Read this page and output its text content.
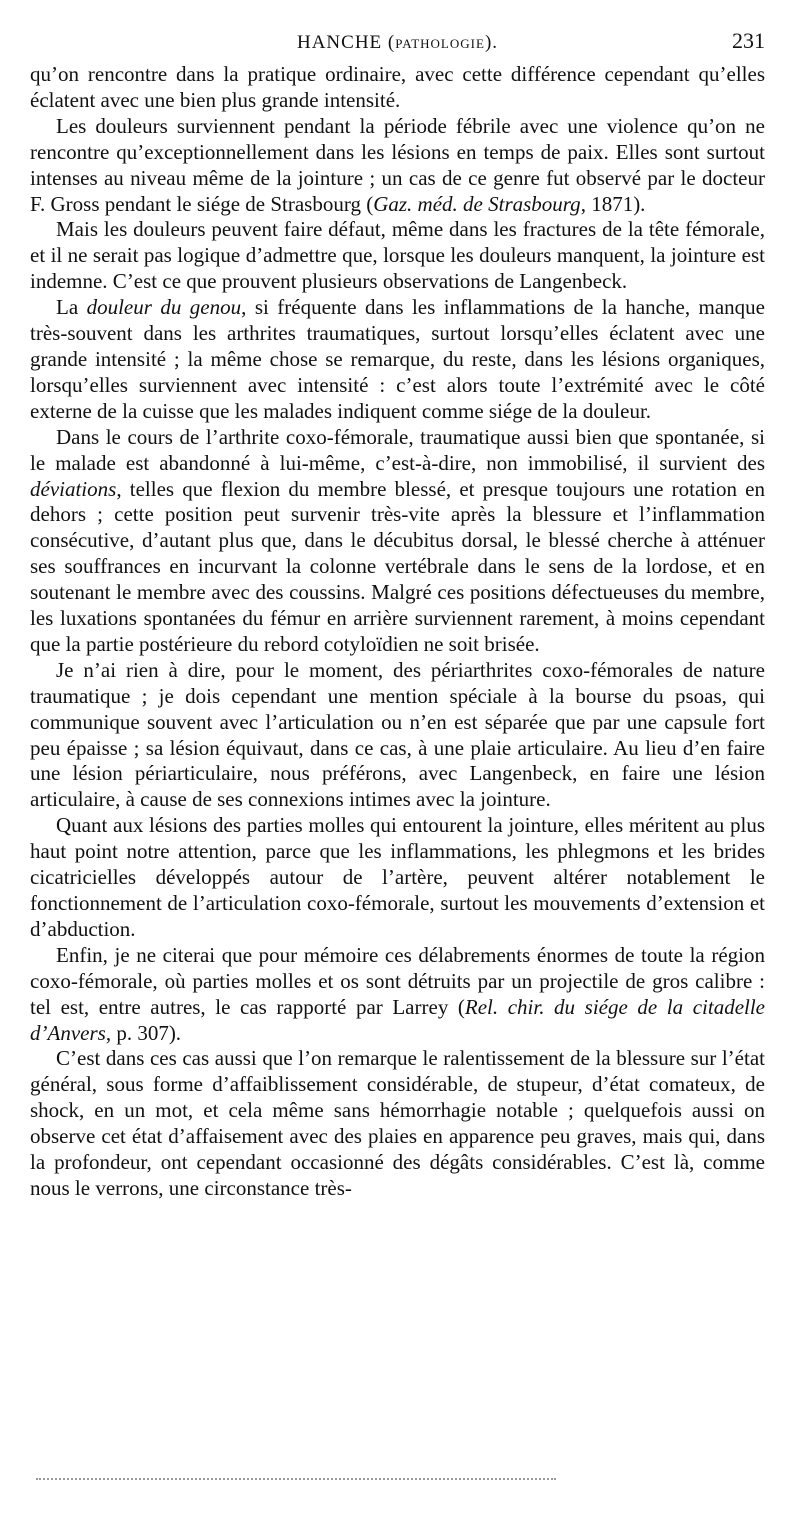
HANCHE (PATHOLOGIE).	231

qu’on rencontre dans la pratique ordinaire, avec cette différence cependant qu’elles éclatent avec une bien plus grande intensité.

Les douleurs surviennent pendant la période fébrile avec une violence qu’on ne rencontre qu’exceptionnellement dans les lésions en temps de paix. Elles sont surtout intenses au niveau même de la jointure ; un cas de ce genre fut observé par le docteur F. Gross pendant le siége de Strasbourg (Gaz. méd. de Strasbourg, 1871).

Mais les douleurs peuvent faire défaut, même dans les fractures de la tête fémorale, et il ne serait pas logique d’admettre que, lorsque les douleurs manquent, la jointure est indemne. C’est ce que prouvent plusieurs observations de Langenbeck.

La douleur du genou, si fréquente dans les inflammations de la hanche, manque très-souvent dans les arthrites traumatiques, surtout lorsqu’elles éclatent avec une grande intensité ; la même chose se remarque, du reste, dans les lésions organiques, lorsqu’elles surviennent avec intensité : c’est alors toute l’extrémité avec le côté externe de la cuisse que les malades indiquent comme siége de la douleur.

Dans le cours de l’arthrite coxo-fémorale, traumatique aussi bien que spontanée, si le malade est abandonné à lui-même, c’est-à-dire, non immobilisé, il survient des déviations, telles que flexion du membre blessé, et presque toujours une rotation en dehors ; cette position peut survenir très-vite après la blessure et l’inflammation consécutive, d’autant plus que, dans le décubitus dorsal, le blessé cherche à atténuer ses souffrances en incurvant la colonne vertébrale dans le sens de la lordose, et en soutenant le membre avec des coussins. Malgré ces positions défectueuses du membre, les luxations spontanées du fémur en arrière surviennent rarement, à moins cependant que la partie postérieure du rebord cotyloïdien ne soit brisée.

Je n’ai rien à dire, pour le moment, des périarthrites coxo-fémorales de nature traumatique ; je dois cependant une mention spéciale à la bourse du psoas, qui communique souvent avec l’articulation ou n’en est séparée que par une capsule fort peu épaisse ; sa lésion équivaut, dans ce cas, à une plaie articulaire. Au lieu d’en faire une lésion périarticulaire, nous préférons, avec Langenbeck, en faire une lésion articulaire, à cause de ses connexions intimes avec la jointure.

Quant aux lésions des parties molles qui entourent la jointure, elles méritent au plus haut point notre attention, parce que les inflammations, les phlegmons et les brides cicatricielles développés autour de l’artère, peuvent altérer notablement le fonctionnement de l’articulation coxo-fémorale, surtout les mouvements d’extension et d’abduction.

Enfin, je ne citerai que pour mémoire ces délabrements énormes de toute la région coxo-fémorale, où parties molles et os sont détruits par un projectile de gros calibre : tel est, entre autres, le cas rapporté par Larrey (Rel. chir. du siége de la citadelle d’Anvers, p. 307).

C’est dans ces cas aussi que l’on remarque le ralentissement de la blessure sur l’état général, sous forme d’affaiblissement considérable, de stupeur, d’état comateux, de shock, en un mot, et cela même sans hémorrhagie notable ; quelquefois aussi on observe cet état d’affaisement avec des plaies en apparence peu graves, mais qui, dans la profondeur, ont cependant occasionné des dégâts considérables. C’est là, comme nous le verrons, une circonstance très-
